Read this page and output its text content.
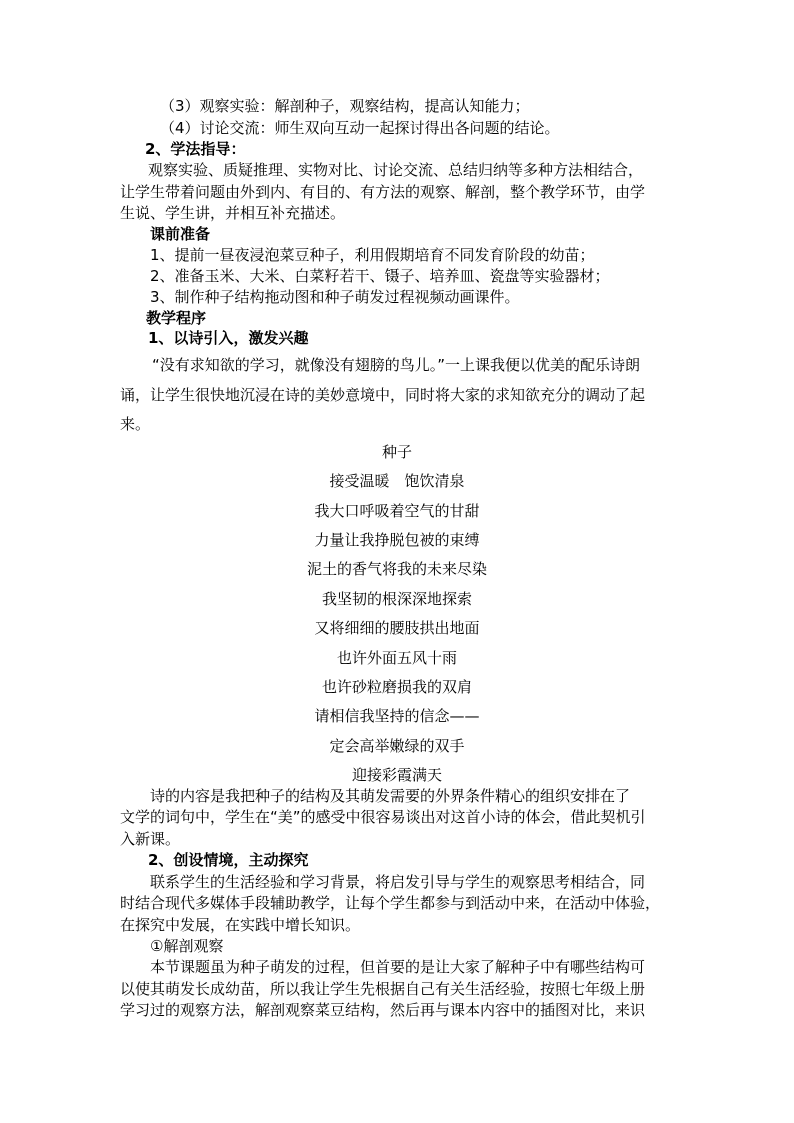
（3）观察实验：解剖种子，观察结构，提高认知能力；
（4）讨论交流：师生双向互动一起探讨得出各问题的结论。
2、学法指导：
观察实验、质疑推理、实物对比、讨论交流、总结归纳等多种方法相结合，
让学生带着问题由外到内、有目的、有方法的观察、解剖，整个教学环节，由学
生说、学生讲，并相互补充描述。
课前准备
1、提前一昼夜浸泡菜豆种子，利用假期培育不同发育阶段的幼苗；
2、准备玉米、大米、白菜籽若干、镊子、培养皿、瓷盘等实验器材；
3、制作种子结构拖动图和种子萌发过程视频动画课件。
教学程序
1、以诗引入，激发兴趣
“没有求知欲的学习，就像没有翅膀的鸟儿。”一上课我便以优美的配乐诗朗
诵，让学生很快地沉浸在诗的美妙意境中，同时将大家的求知欲充分的调动了起
来。
种子
接受温暖　饱饮清泉
我大口呼吸着空气的甘甜
力量让我挣脱包被的束缚
泥土的香气将我的未来尽染
我坚韧的根深深地探索
又将细细的腰肢拱出地面
也许外面五风十雨
也许砂粒磨损我的双肩
请相信我坚持的信念——
定会高举嫩绿的双手
迎接彩霞满天
诗的内容是我把种子的结构及其萌发需要的外界条件精心的组织安排在了
文学的词句中，学生在“美”的感受中很容易谈出对这首小诗的体会，借此契机引
入新课。
2、创设情境，主动探究
联系学生的生活经验和学习背景，将启发引导与学生的观察思考相结合，同
时结合现代多媒体手段辅助教学，让每个学生都参与到活动中来，在活动中体验，
在探究中发展，在实践中增长知识。
①解剖观察
本节课题虽为种子萌发的过程，但首要的是让大家了解种子中有哪些结构可
以使其萌发长成幼苗，所以我让学生先根据自己有关生活经验，按照七年级上册
学习过的观察方法，解剖观察菜豆结构，然后再与课本内容中的插图对比，来识
